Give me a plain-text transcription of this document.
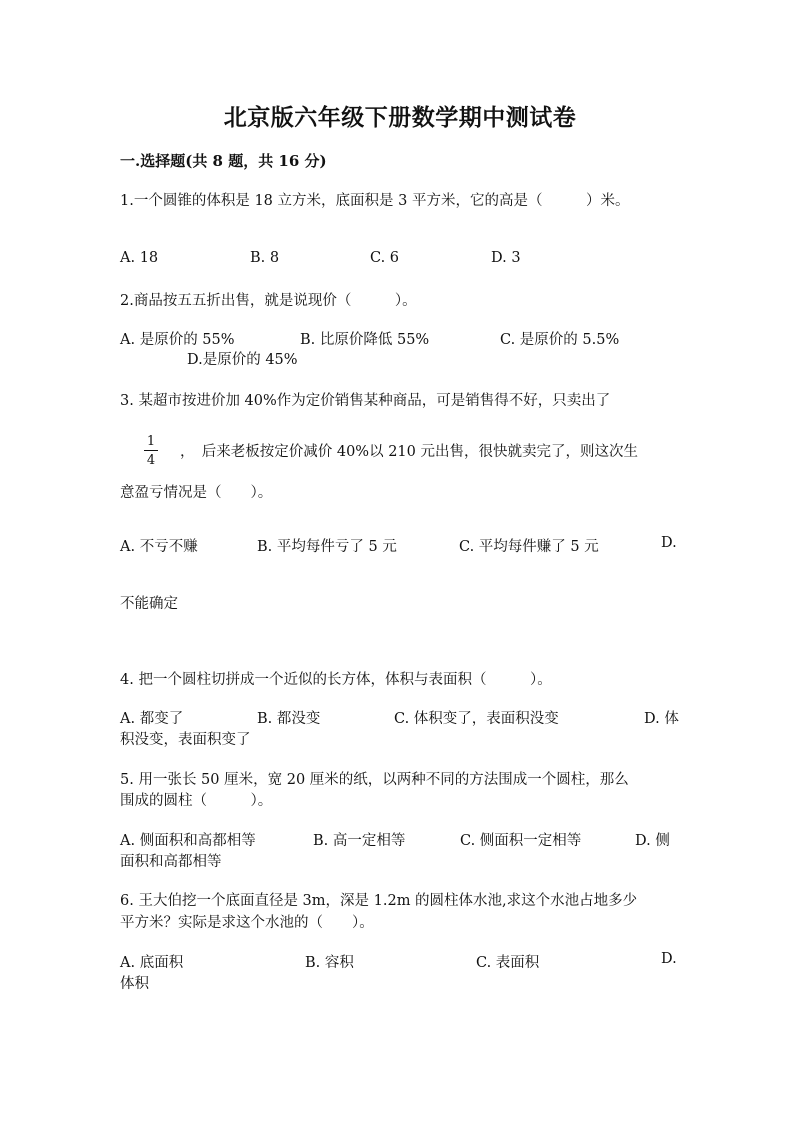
北京版六年级下册数学期中测试卷
一.选择题(共 8 题，共 16 分)
1.一个圆锥的体积是 18 立方米，底面积是 3 平方米，它的高是（　　　）米。
A. 18	B. 8	C. 6	D. 3
2.商品按五五折出售，就是说现价（　　　）。
A. 是原价的 55%	B. 比原价降低 55%	C. 是原价的 5.5%
D.是原价的 45%
3. 某超市按进价加 40%作为定价销售某种商品，可是销售得不好，只卖出了
1
4
，　后来老板按定价减价 40%以 210 元出售，很快就卖完了，则这次生
意盈亏情况是（　　）。
A. 不亏不赚	B. 平均每件亏了 5 元	C. 平均每件赚了 5 元	D.
不能确定
4. 把一个圆柱切拼成一个近似的长方体，体积与表面积（　　　）。
A. 都变了	B. 都没变	C. 体积变了，表面积没变	D. 体
积没变，表面积变了
5. 用一张长 50 厘米，宽 20 厘米的纸，以两种不同的方法围成一个圆柱，那么
围成的圆柱（　　　）。
A. 侧面积和高都相等	B. 高一定相等	C. 侧面积一定相等	D. 侧
面积和高都相等
6. 王大伯挖一个底面直径是 3m，深是 1.2m 的圆柱体水池,求这个水池占地多少
平方米？实际是求这个水池的（　　）。
A. 底面积	B. 容积	C. 表面积	D.
体积
